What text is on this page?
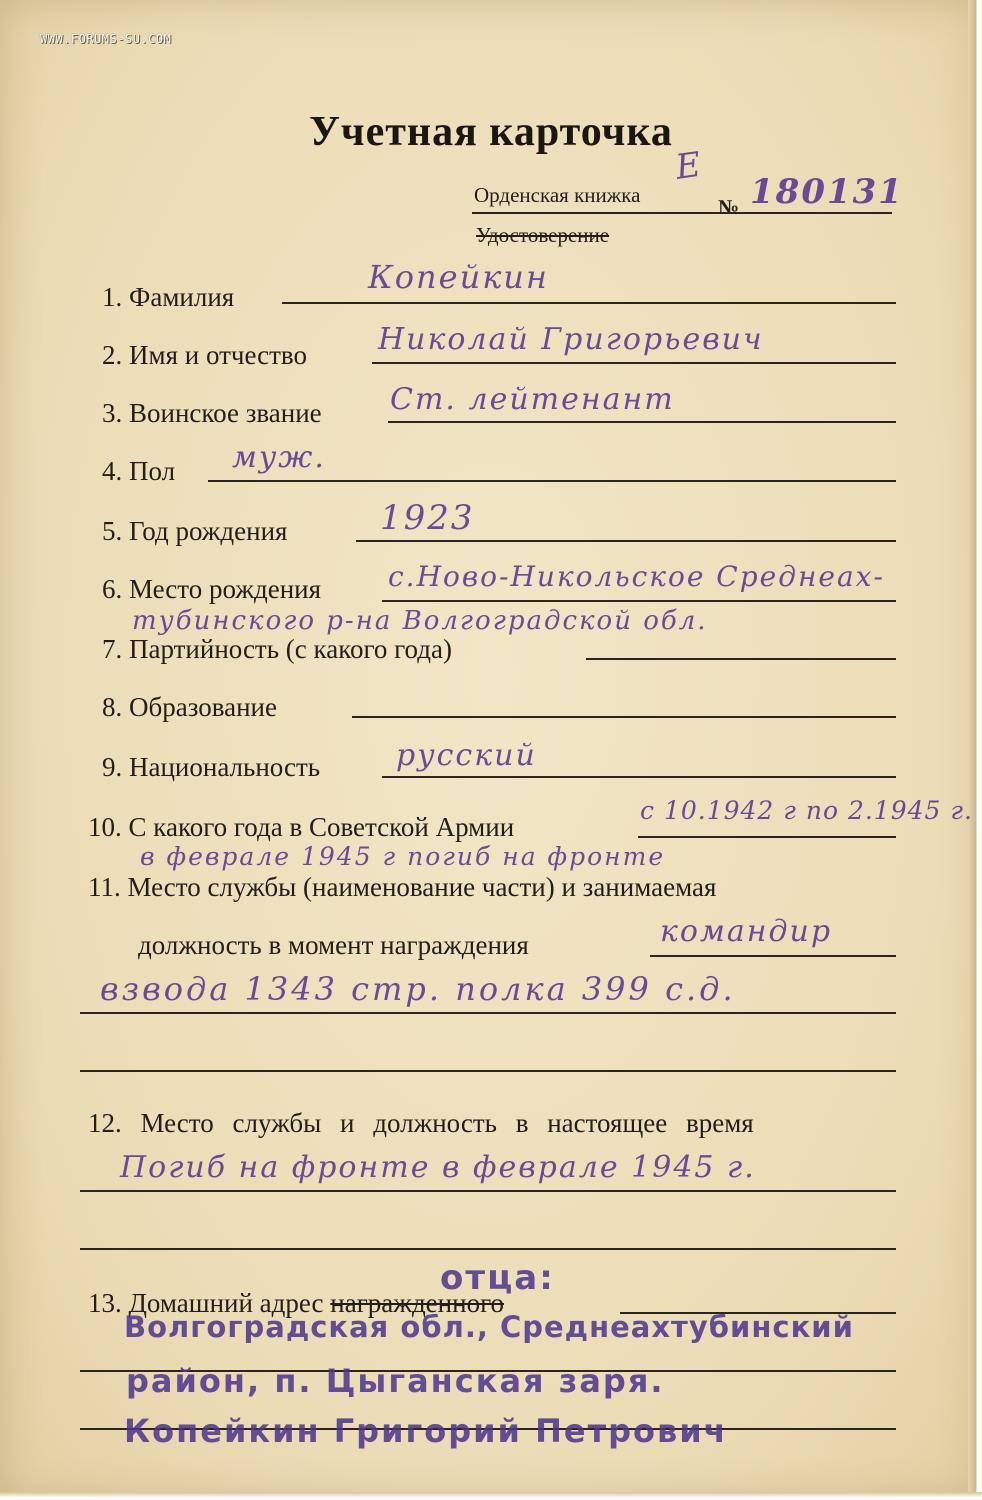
WWW.FORUMS-SU.COM
Учетная карточка
Орденская книжка
Е
№ 180131
Удостоверение
1. Фамилия
Копейкин
2. Имя и отчество Николай Григорьевич
3. Воинское звание Ст. лейтенант
4. Пол муж.
5. Год рождения	1923
6. Место рождения с.Ново-Никольское Среднеах-
тубинского р-на Волгоградской обл.
7. Партийность (с какого года)
8. Образование
9. Национальность	русский
10. С какого года в Советской Армии
с 10.1942 г по 2.1945 г.
в феврале 1945 г погиб на фронте
11. Место службы (наименование части) и занимаемая
должность в момент награждения	командир
взвода 1343 стр. полка 399 с.д.
12. Место службы и должность в настоящее время
Погиб на фронте в феврале 1945 г.
13. Домашний адрес награжденного
отца:
Волгоградская обл., Среднеахтубинский
район, п. Цыганская заря.
Копейкин Григорий Петрович
